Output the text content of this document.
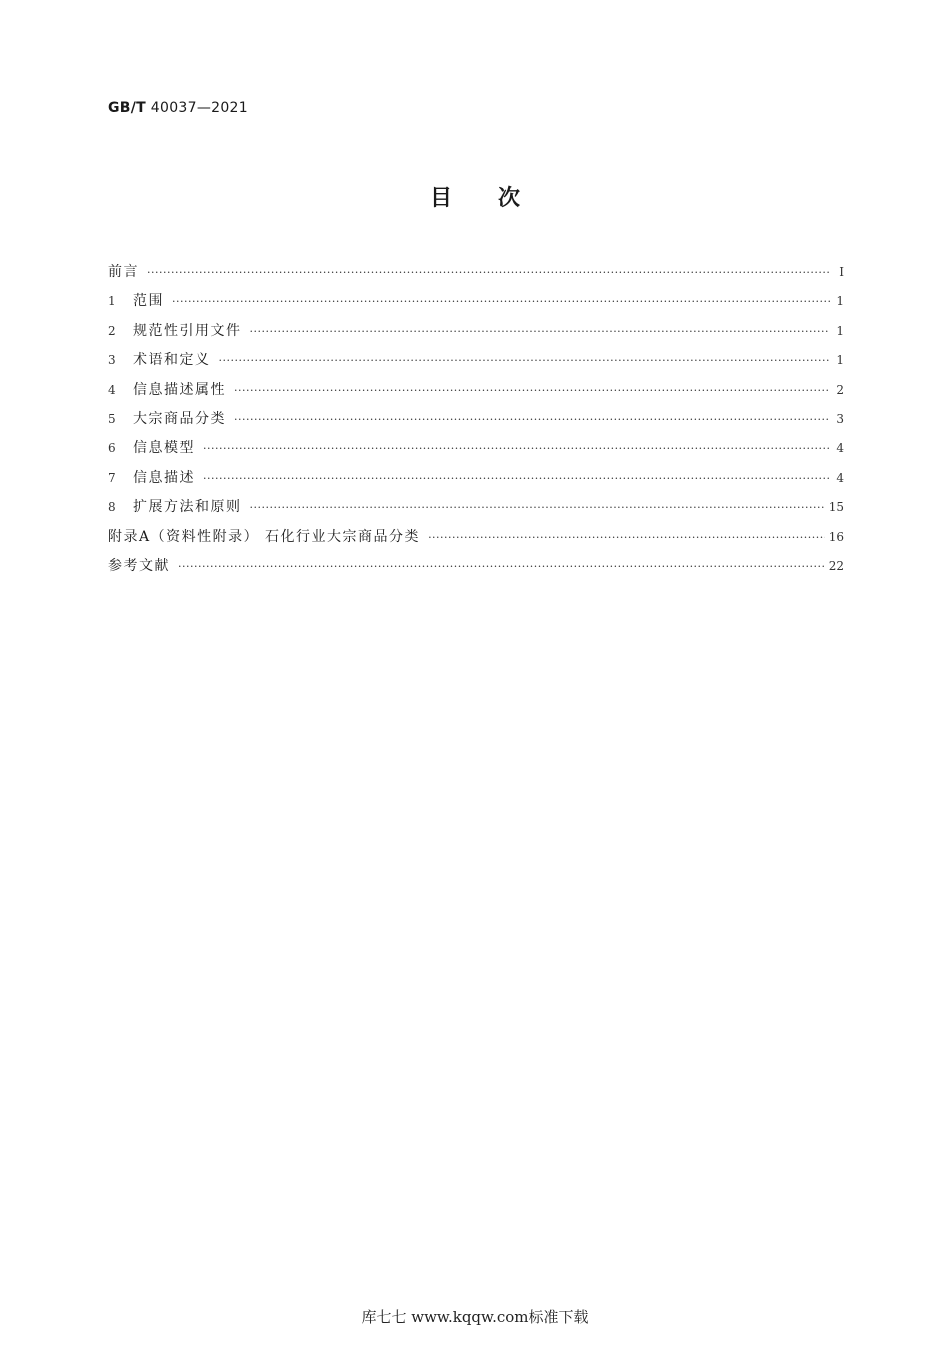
GB/T 40037—2021
目次
前言 ·····	Ⅰ
1	范围 ·····	1
2	规范性引用文件 ·····	1
3	术语和定义 ·····	1
4	信息描述属性 ·····	2
5	大宗商品分类 ·····	3
6	信息模型 ·····	4
7	信息描述 ·····	4
8	扩展方法和原则 ·····	15
附录A（资料性附录） 石化行业大宗商品分类 ·····	16
参考文献 ·····	22
库七七 www.kqqw.com标准下载
